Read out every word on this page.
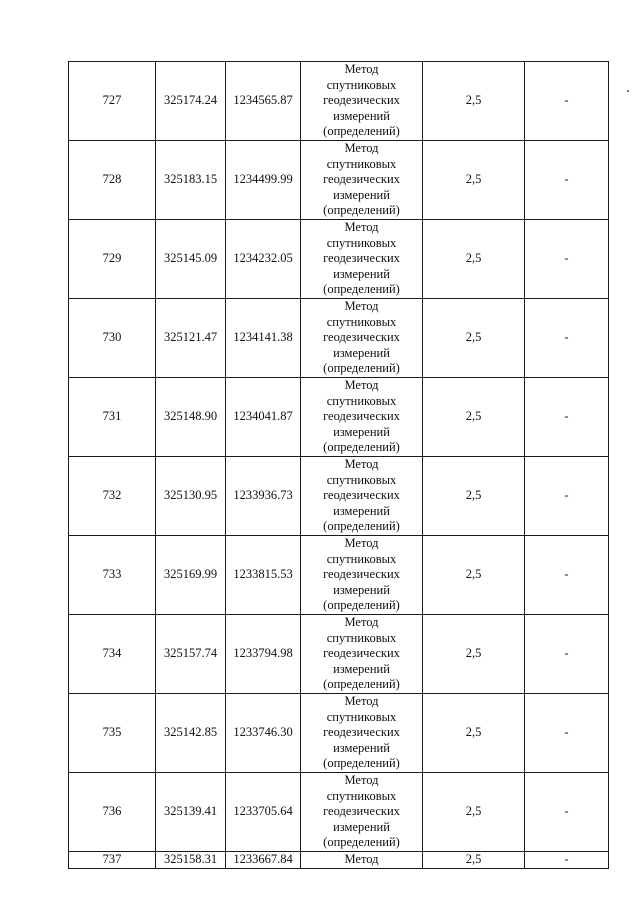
727	325174.24	1234565.87	Метод
спутниковых
геодезических
измерений
(определений)	2,5	-
728	325183.15	1234499.99	Метод
спутниковых
геодезических
измерений
(определений)	2,5	-
729	325145.09	1234232.05	Метод
спутниковых
геодезических
измерений
(определений)	2,5	-
730	325121.47	1234141.38	Метод
спутниковых
геодезических
измерений
(определений)	2,5	-
731	325148.90	1234041.87	Метод
спутниковых
геодезических
измерений
(определений)	2,5	-
732	325130.95	1233936.73	Метод
спутниковых
геодезических
измерений
(определений)	2,5	-
733	325169.99	1233815.53	Метод
спутниковых
геодезических
измерений
(определений)	2,5	-
734	325157.74	1233794.98	Метод
спутниковых
геодезических
измерений
(определений)	2,5	-
735	325142.85	1233746.30	Метод
спутниковых
геодезических
измерений
(определений)	2,5	-
736	325139.41	1233705.64	Метод
спутниковых
геодезических
измерений
(определений)	2,5	-
737	325158.31	1233667.84	Метод	2,5	-
